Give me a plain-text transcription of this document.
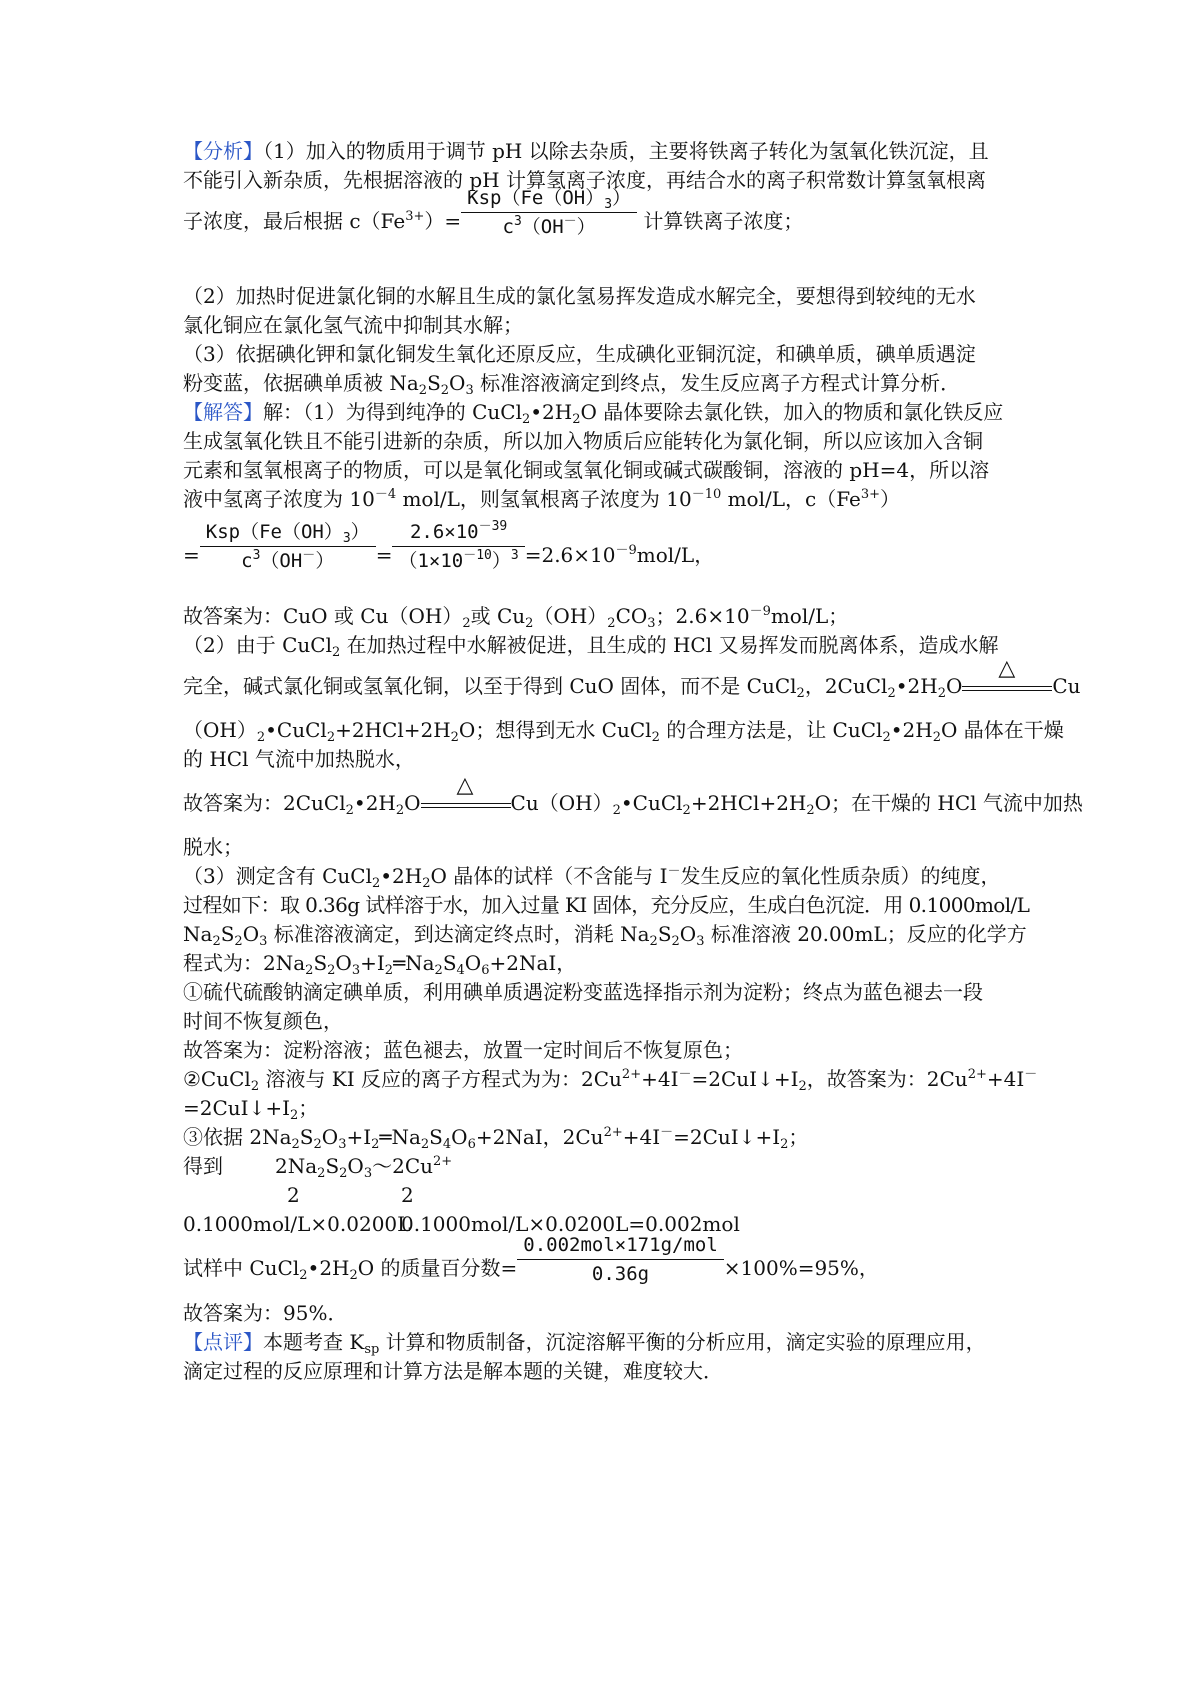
【分析】（1）加入的物质用于调节 pH 以除去杂质，主要将铁离子转化为氢氧化铁沉淀，且
不能引入新杂质，先根据溶液的 pH 计算氢离子浓度，再结合水的离子积常数计算氢氧根离
子浓度，最后根据 $c(Fe^{3+})= \frac{Ksp(Fe(OH)_3)}{c^3(OH^-)}$ 计算铁离子浓度；
（2）加热时促进氯化铜的水解且生成的氯化氢易挥发造成水解完全，要想得到较纯的无水
氯化铜应在氯化氢气流中抑制其水解；
（3）依据碘化钾和氯化铜发生氧化还原反应，生成碘化亚铜沉淀，和碘单质，碘单质遇淀
粉变蓝，依据碘单质被 $Na_2S_2O_3$ 标准溶液滴定到终点，发生反应离子方程式计算分析．
【解答】解：（1）为得到纯净的 $CuCl_2•2H_2O$ 晶体要除去氯化铁，加入的物质和氯化铁反应
生成氢氧化铁且不能引进新的杂质，所以加入物质后应能转化为氯化铜，所以应该加入含铜
元素和氢氧根离子的物质，可以是氧化铜或氢氧化铜或碱式碳酸铜，溶液的 pH=4，所以溶
液中氢离子浓度为 $10^{-4}$ mol/L，则氢氧根离子浓度为 $10^{-10}$ mol/L，$c(Fe^{3+})$
= $\frac{Ksp(Fe(OH)_3)}{c^3(OH^-)} = \frac{2.6\times 10^{-39}}{(1\times 10^{-10})^3} =2.6\times 10^{-9}mol/L$，
故答案为：CuO 或 $Cu(OH)_2$或 $Cu_2(OH)_2CO_3$；$2.6\times 10^{-9}mol/L$；
（2）由于 CuCl$_2$ 在加热过程中水解被促进，且生成的 HCl 又易挥发而脱离体系，造成水解
完全，碱式氯化铜或氢氧化铜，以至于得到 CuO 固体，而不是 CuCl$_2$，$2CuCl_2•2H_2O$
△
Cu
$(OH)_2•CuCl_2+2HCl+2H_2O$；想得到无水 CuCl$_2$ 的合理方法是，让 $CuCl_2•2H_2O$ 晶体在干燥
的 HCl 气流中加热脱水，
故答案为：$2CuCl_2•2H_2O$
△
$Cu(OH)_2•CuCl_2+2HCl+2H_2O$；在干燥的 HCl 气流中加热
脱水；
（3）测定含有 $CuCl_2•2H_2O$ 晶体的试样（不含能与 I－发生反应的氧化性质杂质）的纯度，
过程如下：取 0.36g 试样溶于水，加入过量 KI 固体，充分反应，生成白色沉淀．用 0.1000mol/L
$Na_2S_2O_3$ 标准溶液滴定，到达滴定终点时，消耗 $Na_2S_2O_3$ 标准溶液 20.00mL；反应的化学方
程式为：$2Na_2S_2O_3+I_2═Na_2S_4O_6+2NaI$，
①硫代硫酸钠滴定碘单质，利用碘单质遇淀粉变蓝选择指示剂为淀粉；终点为蓝色褪去一段
时间不恢复颜色，
故答案为：淀粉溶液；蓝色褪去，放置一定时间后不恢复原色；
②CuCl$_2$ 溶液与 KI 反应的离子方程式为为：$2Cu^{2+}+4I^-=2CuI↓+I_2$，故答案为：$2Cu^{2+}+4I^-$
$=2CuI↓+I_2$；
③依据 $2Na_2S_2O_3+I_2═Na_2S_4O_6+2NaI$，$2Cu^{2+}+4I^-=2CuI↓+I_2$；
得到	$2Na_2S_2O_3\sim 2Cu^{2+}$
2	2
0.1000mol/L×0.0200L
0.1000mol/L×0.0200L=0.002mol
试样中 $CuCl_2•2H_2O$ 的质量百分数= $\frac{\text{0.002mol×171g/mol}}{0.36g} \times 100\%=95\%$，
故答案为：95%．
【点评】本题考查 $K_{sp}$ 计算和物质制备，沉淀溶解平衡的分析应用，滴定实验的原理应用，
滴定过程的反应原理和计算方法是解本题的关键，难度较大．
